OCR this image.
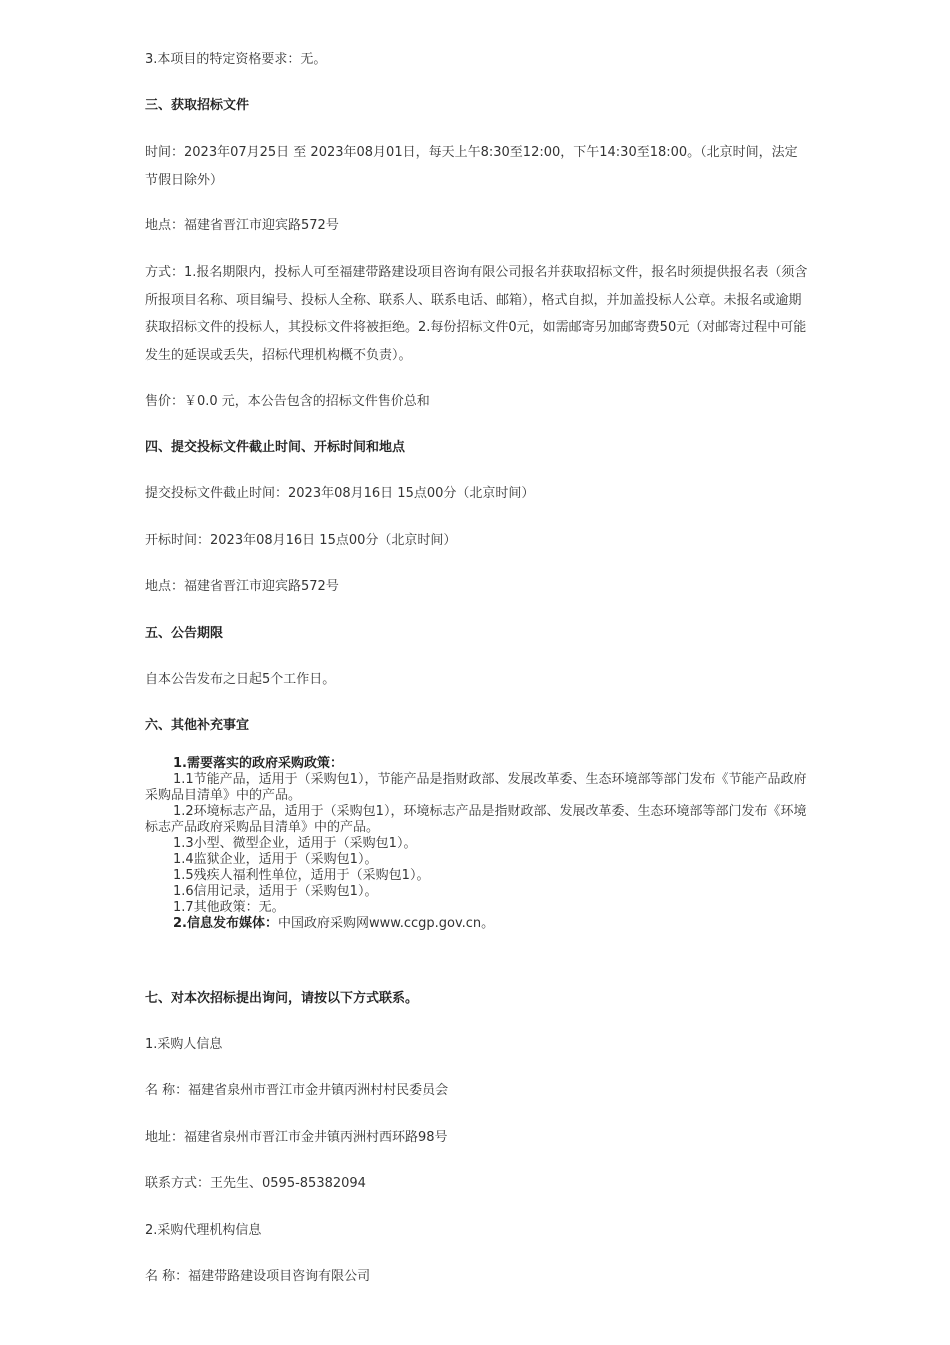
3.本项目的特定资格要求：无。

三、获取招标文件

时间：2023年07月25日 至 2023年08月01日，每天上午8:30至12:00，下午14:30至18:00。（北京时间，法定节假日除外）

地点：福建省晋江市迎宾路572号

方式：1.报名期限内，投标人可至福建带路建设项目咨询有限公司报名并获取招标文件，报名时须提供报名表（须含所报项目名称、项目编号、投标人全称、联系人、联系电话、邮箱），格式自拟，并加盖投标人公章。未报名或逾期获取招标文件的投标人，其投标文件将被拒绝。2.每份招标文件0元，如需邮寄另加邮寄费50元（对邮寄过程中可能发生的延误或丢失，招标代理机构概不负责）。

售价：￥0.0 元，本公告包含的招标文件售价总和

四、提交投标文件截止时间、开标时间和地点

提交投标文件截止时间：2023年08月16日 15点00分（北京时间）

开标时间：2023年08月16日 15点00分（北京时间）

地点：福建省晋江市迎宾路572号

五、公告期限

自本公告发布之日起5个工作日。

六、其他补充事宜

1.需要落实的政府采购政策：

1.1节能产品，适用于（采购包1），节能产品是指财政部、发展改革委、生态环境部等部门发布《节能产品政府采购品目清单》中的产品。

1.2环境标志产品，适用于（采购包1），环境标志产品是指财政部、发展改革委、生态环境部等部门发布《环境标志产品政府采购品目清单》中的产品。

1.3小型、微型企业，适用于（采购包1）。

1.4监狱企业，适用于（采购包1）。

1.5残疾人福利性单位，适用于（采购包1）。

1.6信用记录，适用于（采购包1）。

1.7其他政策：无。

2.信息发布媒体：中国政府采购网www.ccgp.gov.cn。

七、对本次招标提出询问，请按以下方式联系。

1.采购人信息

名 称：福建省泉州市晋江市金井镇丙洲村村民委员会

地址：福建省泉州市晋江市金井镇丙洲村西环路98号

联系方式：王先生、0595-85382094

2.采购代理机构信息

名 称：福建带路建设项目咨询有限公司
